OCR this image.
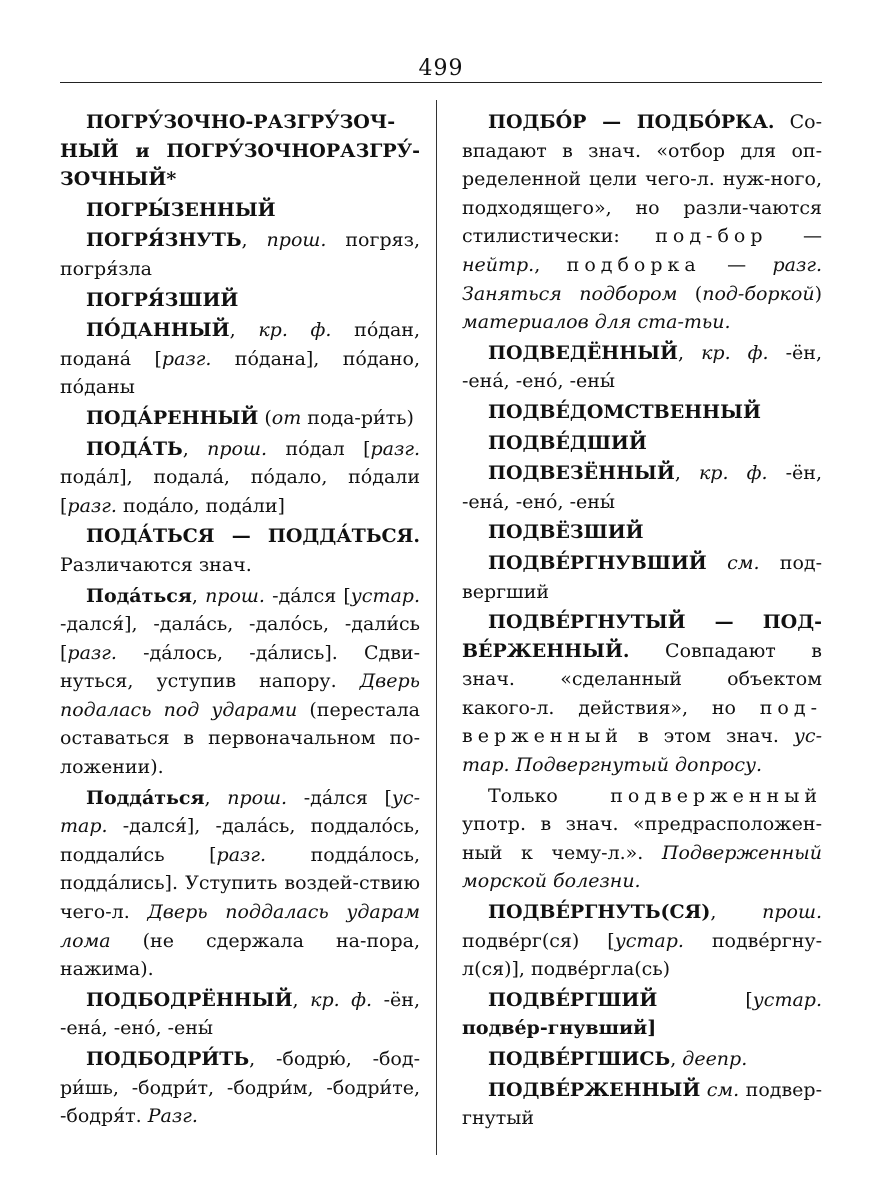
499
ПОГРУ́ЗОЧНО-РАЗГРУ́ЗОЧ-НЫЙ и ПОГРУ́ЗОЧНОРАЗГРУ́-ЗОЧНЫЙ*
ПОГРЫ́ЗЕННЫЙ
ПОГРЯ́ЗНУТЬ, прош. погряз, погря́зла
ПОГРЯ́ЗШИЙ
ПО́ДАННЫЙ, кр. ф. по́дан, подана́ [разг. по́дана], по́дано, по́даны
ПОДА́РЕННЫЙ (от пода-ри́ть)
ПОДА́ТЬ, прош. по́дал [разг. пода́л], подала́, по́дало, по́дали [разг. пода́ло, пода́ли]
ПОДА́ТЬСЯ — ПОДДА́ТЬСЯ. Различаются знач.
Пода́ться, прош. -да́лся [устар. -дался́], -дала́сь, -дало́сь, -дали́сь [разг. -да́лось, -да́лись]. Сдви-нуться, уступив напору. Дверь подалась под ударами (перестала оставаться в первоначальном по-ложении).
Подда́ться, прош. -да́лся [ус-тар. -дался́], -дала́сь, поддало́сь, поддали́сь [разг. подда́лось, подда́лись]. Уступить воздей-ствию чего-л. Дверь поддалась ударам лома (не сдержала на-пора, нажима).
ПОДБОДРЁННЫЙ, кр. ф. -ён, -ена́, -ено́, -ены́
ПОДБОДРИ́ТЬ, -бодрю́, -бод-ри́шь, -бодри́т, -бодри́м, -бодри́те, -бодря́т. Разг.
ПОДБО́Р — ПОДБО́РКА. Со-впадают в знач. «отбор для оп-ределенной цели чего-л. нуж-ного, подходящего», но разли-чаются стилистически: под-бор — нейтр., подборка — разг. Заняться подбором (под-боркой) материалов для ста-тьи.
ПОДВЕДЁННЫЙ, кр. ф. -ён, -ена́, -ено́, -ены́
ПОДВЕ́ДОМСТВЕННЫЙ
ПОДВЕ́ДШИЙ
ПОДВЕЗЁННЫЙ, кр. ф. -ён, -ена́, -ено́, -ены́
ПОДВЁЗШИЙ
ПОДВЕ́РГНУВШИЙ см. под-вергший
ПОДВЕ́РГНУТЫЙ — ПОД-ВЕ́РЖЕННЫЙ. Совпадают в знач. «сделанный объектом какого-л. действия», но под-верженный в этом знач. ус-тар. Подвергнутый допросу.
Только подверженный употр. в знач. «предрасположен-ный к чему-л.». Подверженный морской болезни.
ПОДВЕ́РГНУТЬ(СЯ), прош. подве́рг(ся) [устар. подве́ргну-л(ся)], подве́ргла(сь)
ПОДВЕ́РГШИЙ [устар. подве́р-гнувший]
ПОДВЕ́РГШИСЬ, деепр.
ПОДВЕ́РЖЕННЫЙ см. подвер-гнутый
